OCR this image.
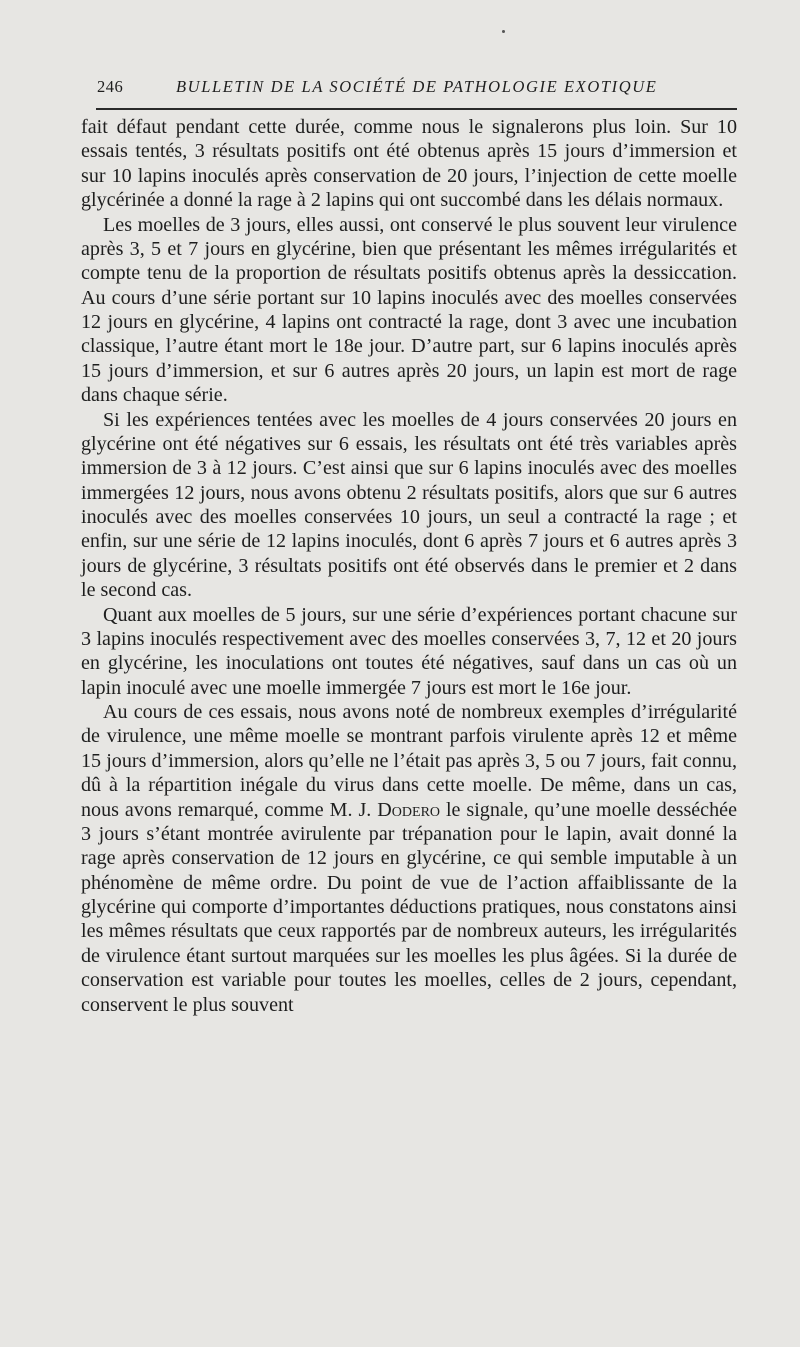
246	BULLETIN DE LA SOCIÉTÉ DE PATHOLOGIE EXOTIQUE

fait défaut pendant cette durée, comme nous le signalerons plus loin. Sur 10 essais tentés, 3 résultats positifs ont été obtenus après 15 jours d’immersion et sur 10 lapins inoculés après conservation de 20 jours, l’injection de cette moelle glycérinée a donné la rage à 2 lapins qui ont succombé dans les délais normaux.

Les moelles de 3 jours, elles aussi, ont conservé le plus souvent leur virulence après 3, 5 et 7 jours en glycérine, bien que présentant les mêmes irrégularités et compte tenu de la proportion de résultats positifs obtenus après la dessiccation. Au cours d’une série portant sur 10 lapins inoculés avec des moelles conservées 12 jours en glycérine, 4 lapins ont contracté la rage, dont 3 avec une incubation classique, l’autre étant mort le 18e jour. D’autre part, sur 6 lapins inoculés après 15 jours d’immersion, et sur 6 autres après 20 jours, un lapin est mort de rage dans chaque série.

Si les expériences tentées avec les moelles de 4 jours conservées 20 jours en glycérine ont été négatives sur 6 essais, les résultats ont été très variables après immersion de 3 à 12 jours. C’est ainsi que sur 6 lapins inoculés avec des moelles immergées 12 jours, nous avons obtenu 2 résultats positifs, alors que sur 6 autres inoculés avec des moelles conservées 10 jours, un seul a contracté la rage ; et enfin, sur une série de 12 lapins inoculés, dont 6 après 7 jours et 6 autres après 3 jours de glycérine, 3 résultats positifs ont été observés dans le premier et 2 dans le second cas.

Quant aux moelles de 5 jours, sur une série d’expériences portant chacune sur 3 lapins inoculés respectivement avec des moelles conservées 3, 7, 12 et 20 jours en glycérine, les inoculations ont toutes été négatives, sauf dans un cas où un lapin inoculé avec une moelle immergée 7 jours est mort le 16e jour.

Au cours de ces essais, nous avons noté de nombreux exemples d’irrégularité de virulence, une même moelle se montrant parfois virulente après 12 et même 15 jours d’immersion, alors qu’elle ne l’était pas après 3, 5 ou 7 jours, fait connu, dû à la répartition inégale du virus dans cette moelle. De même, dans un cas, nous avons remarqué, comme M. J. Dodero le signale, qu’une moelle desséchée 3 jours s’étant montrée avirulente par trépanation pour le lapin, avait donné la rage après conservation de 12 jours en glycérine, ce qui semble imputable à un phénomène de même ordre. Du point de vue de l’action affaiblissante de la glycérine qui comporte d’importantes déductions pratiques, nous constatons ainsi les mêmes résultats que ceux rapportés par de nombreux auteurs, les irrégularités de virulence étant surtout marquées sur les moelles les plus âgées. Si la durée de conservation est variable pour toutes les moelles, celles de 2 jours, cependant, conservent le plus souvent
